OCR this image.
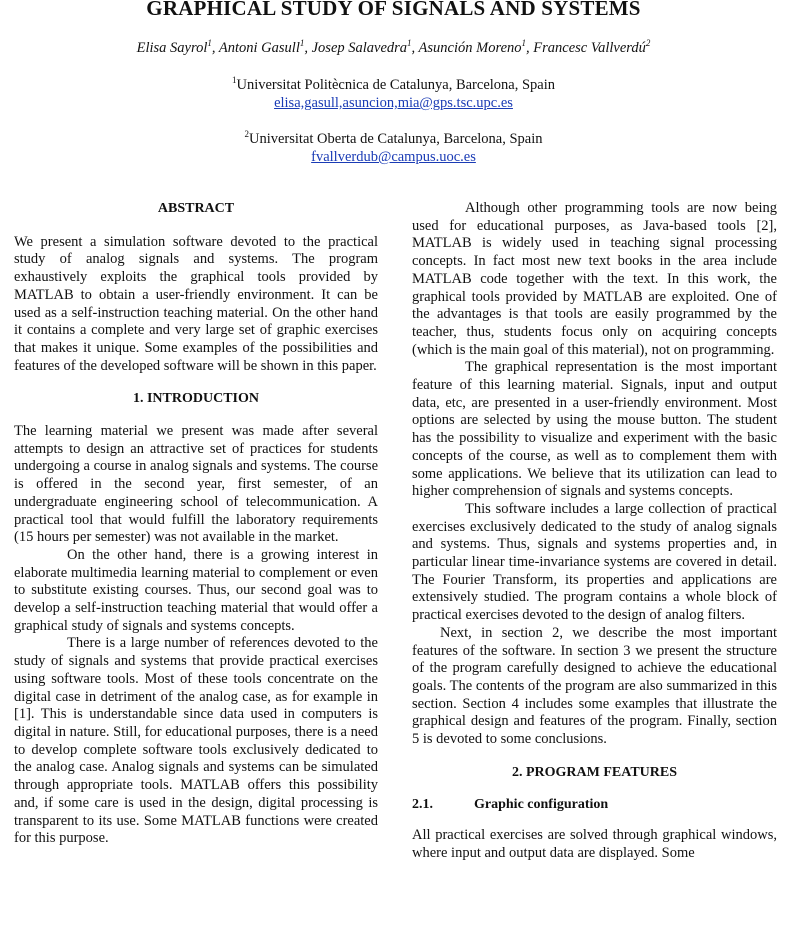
GRAPHICAL STUDY OF SIGNALS AND SYSTEMS

Elisa Sayrol$^1$, Antoni Gasull$^1$, Josep Salavedra$^1$, Asunción Moreno$^1$, Francesc Vallverdú$^2$

$^1$Universitat Politècnica de Catalunya, Barcelona, Spain
elisa,gasull,asuncion,mia@gps.tsc.upc.es
$^2$Universitat Oberta de Catalunya, Barcelona, Spain
fvallverdub@campus.uoc.es
ABSTRACT

We present a simulation software devoted to the practical study of analog signals and systems. The program exhaustively exploits the graphical tools provided by MATLAB to obtain a user-friendly environment. It can be used as a self-instruction teaching material. On the other hand it contains a complete and very large set of graphic exercises that makes it unique. Some examples of the possibilities and features of the developed software will be shown in this paper.

1. INTRODUCTION

The learning material we present was made after several attempts to design an attractive set of practices for students undergoing a course in analog signals and systems. The course is offered in the second year, first semester, of an undergraduate engineering school of telecommunication. A practical tool that would fulfill the laboratory requirements (15 hours per semester) was not available in the market.

On the other hand, there is a growing interest in elaborate multimedia learning material to complement or even to substitute existing courses. Thus, our second goal was to develop a self-instruction teaching material that would offer a graphical study of signals and systems concepts.

There is a large number of references devoted to the study of signals and systems that provide practical exercises using software tools. Most of these tools concentrate on the digital case in detriment of the analog case, as for example in [1]. This is understandable since data used in computers is digital in nature. Still, for educational purposes, there is a need to develop complete software tools exclusively dedicated to the analog case. Analog signals and systems can be simulated through appropriate tools. MATLAB offers this possibility and, if some care is used in the design, digital processing is transparent to its use. Some MATLAB functions were created for this purpose.

Although other programming tools are now being used for educational purposes, as Java-based tools [2], MATLAB is widely used in teaching signal processing concepts. In fact most new text books in the area include MATLAB code together with the text. In this work, the graphical tools provided by MATLAB are exploited. One of the advantages is that tools are easily programmed by the teacher, thus, students focus only on acquiring concepts (which is the main goal of this material), not on programming.

The graphical representation is the most important feature of this learning material. Signals, input and output data, etc, are presented in a user-friendly environment. Most options are selected by using the mouse button. The student has the possibility to visualize and experiment with the basic concepts of the course, as well as to complement them with some applications. We believe that its utilization can lead to higher comprehension of signals and systems concepts.

This software includes a large collection of practical exercises exclusively dedicated to the study of analog signals and systems. Thus, signals and systems properties and, in particular linear time-invariance systems are covered in detail. The Fourier Transform, its properties and applications are extensively studied. The program contains a whole block of practical exercises devoted to the design of analog filters.

Next, in section 2, we describe the most important features of the software. In section 3 we present the structure of the program carefully designed to achieve the educational goals. The contents of the program are also summarized in this section. Section 4 includes some examples that illustrate the graphical design and features of the program. Finally, section 5 is devoted to some conclusions.

2. PROGRAM FEATURES
2.1.	Graphic configuration

All practical exercises are solved through graphical windows, where input and output data are displayed. Some
